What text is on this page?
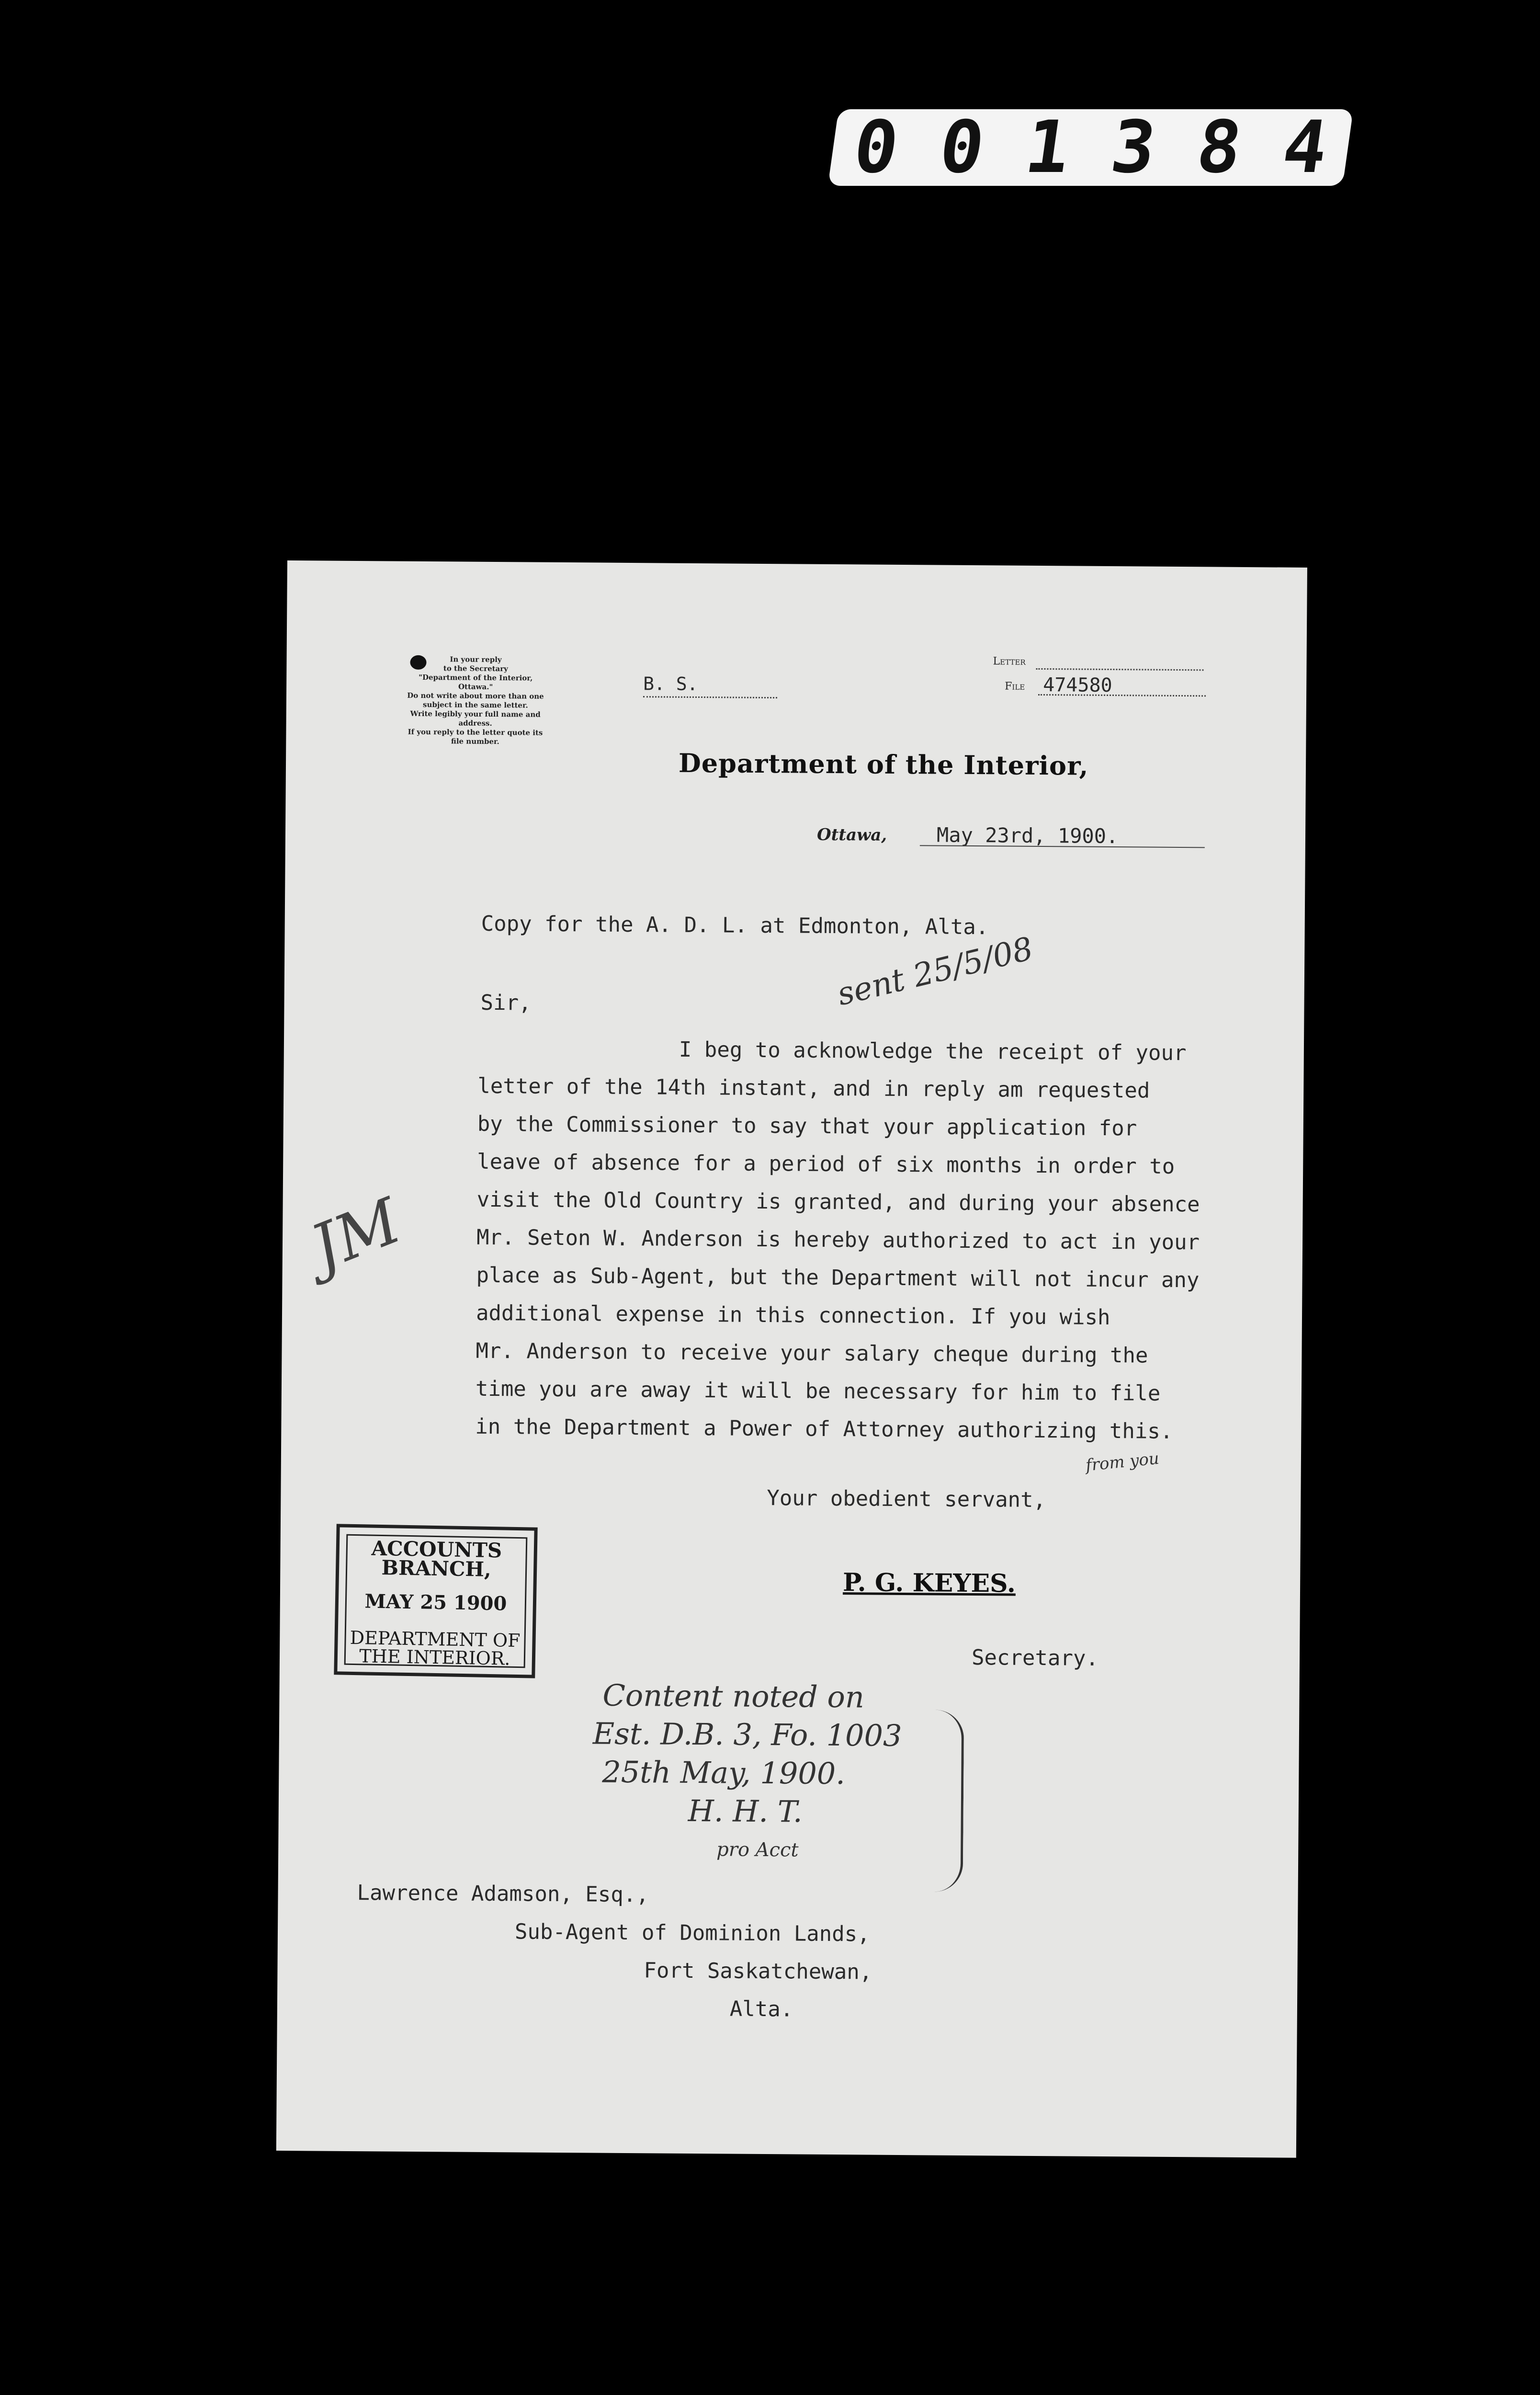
0 0 1 3 8 4
In your reply
to the Secretary
"Department of the Interior,
Ottawa."
Do not write about more than one
subject in the same letter.
Write legibly your full name and
address.
If you reply to the letter quote its
file number.
B. S.
Letter
File 474580
Department of the Interior,
Ottawa, May 23rd, 1900.
Copy for the A. D. L. at Edmonton, Alta.
sent 25/5/08
Sir,
I beg to acknowledge the receipt of your
letter of the 14th instant, and in reply am requested
by the Commissioner to say that your application for
leave of absence for a period of six months in order to
visit the Old Country is granted, and during your absence
Mr. Seton W. Anderson is hereby authorized to act in your
place as Sub-Agent, but the Department will not incur any
additional expense in this connection. If you wish
Mr. Anderson to receive your salary cheque during the
time you are away it will be necessary for him to file
in the Department a Power of Attorney authorizing this.
from you
JM
Your obedient servant,
P. G. KEYES.
Secretary.
Content noted on
Est. D.B. 3, Fo. 1003
25th May, 1900.
H. H. T.
pro Acct
Lawrence Adamson, Esq.,
Sub-Agent of Dominion Lands,
Fort Saskatchewan,
Alta.
ACCOUNTS
BRANCH,
MAY 25 1900
DEPARTMENT OF
THE INTERIOR.
